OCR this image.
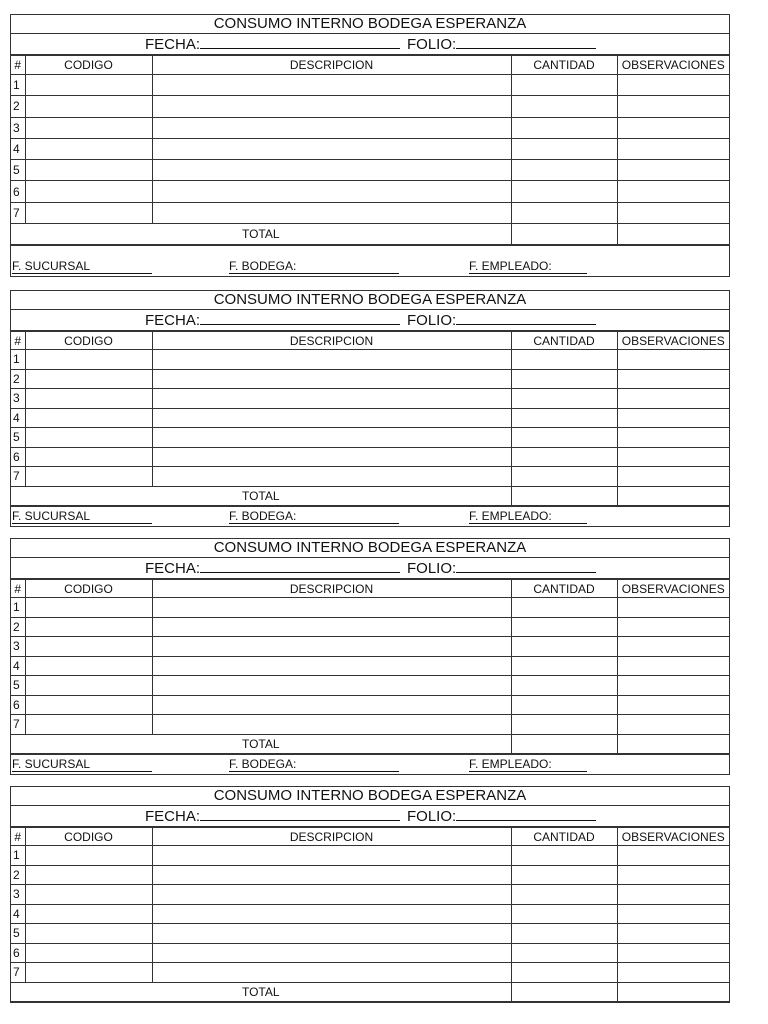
CONSUMO INTERNO BODEGA ESPERANZA
FECHA:	FOLIO:
#	CODIGO	DESCRIPCION	CANTIDAD	OBSERVACIONES
1				
2				
3				
4				
5				
6				
7				
TOTAL				
F. SUCURSAL	F. BODEGA:	F. EMPLEADO:
CONSUMO INTERNO BODEGA ESPERANZA
FECHA:	FOLIO:
#	CODIGO	DESCRIPCION	CANTIDAD	OBSERVACIONES
1				
2				
3				
4				
5				
6				
7				
TOTAL				
F. SUCURSAL	F. BODEGA:	F. EMPLEADO:
CONSUMO INTERNO BODEGA ESPERANZA
FECHA:	FOLIO:
#	CODIGO	DESCRIPCION	CANTIDAD	OBSERVACIONES
1				
2				
3				
4				
5				
6				
7				
TOTAL				
F. SUCURSAL	F. BODEGA:	F. EMPLEADO:
CONSUMO INTERNO BODEGA ESPERANZA
FECHA:	FOLIO:
#	CODIGO	DESCRIPCION	CANTIDAD	OBSERVACIONES
1				
2				
3				
4				
5				
6				
7				
TOTAL				
